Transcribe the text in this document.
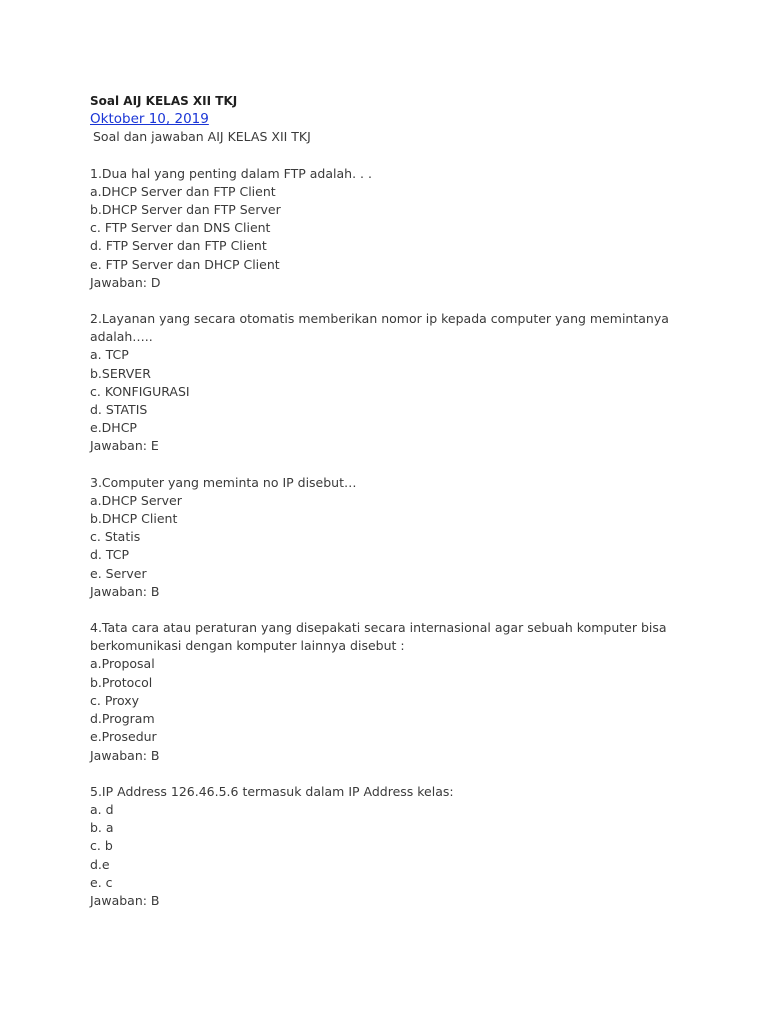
Soal AIJ KELAS XII TKJ
Oktober 10, 2019
Soal dan jawaban AIJ KELAS XII TKJ
1.Dua hal yang penting dalam FTP adalah. . .
a.DHCP Server dan FTP Client
b.DHCP Server dan FTP Server
c. FTP Server dan DNS Client
d. FTP Server dan FTP Client
e. FTP Server dan DHCP Client
Jawaban: D
2.Layanan yang secara otomatis memberikan nomor ip kepada computer yang memintanya
adalah…..
a. TCP
b.SERVER
c. KONFIGURASI
d. STATIS
e.DHCP
Jawaban: E
3.Computer yang meminta no IP disebut…
a.DHCP Server
b.DHCP Client
c. Statis
d. TCP
e. Server
Jawaban: B
4.Tata cara atau peraturan yang disepakati secara internasional agar sebuah komputer bisa
berkomunikasi dengan komputer lainnya disebut :
a.Proposal
b.Protocol
c. Proxy
d.Program
e.Prosedur
Jawaban: B
5.IP Address 126.46.5.6 termasuk dalam IP Address kelas:
a. d
b. a
c. b
d.e
e. c
Jawaban: B
